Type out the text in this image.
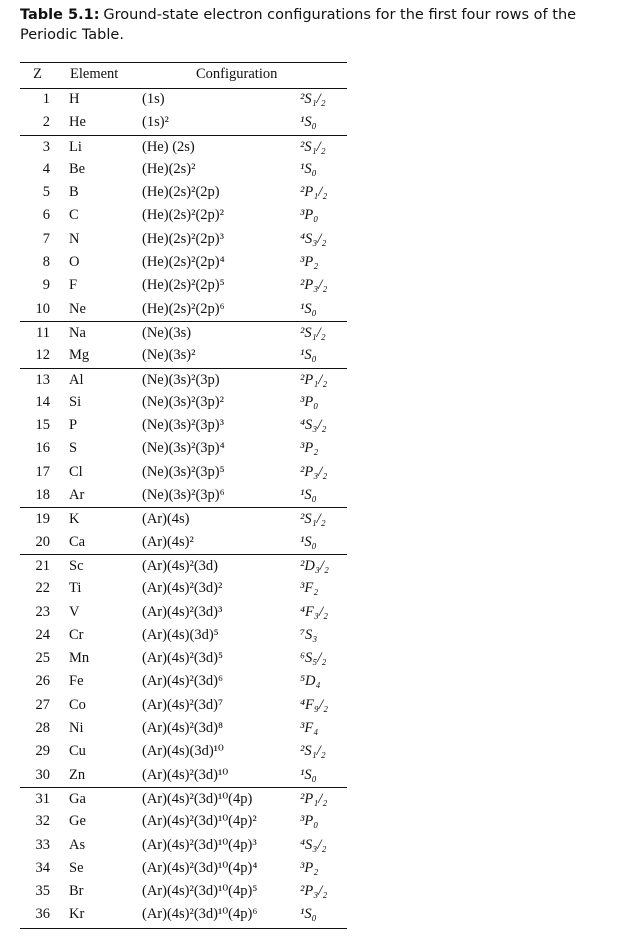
Table 5.1: Ground-state electron configurations for the first four rows of the Periodic Table.
Z Element	Configuration
1 H	(1s)	²S₁/₂
2 He	(1s)²	¹S₀
3 Li	(He) (2s)	²S₁/₂
4 Be	(He)(2s)²	¹S₀
5 B	(He)(2s)²(2p)	²P₁/₂
6 C	(He)(2s)²(2p)²	³P₀
7 N	(He)(2s)²(2p)³	⁴S₃/₂
8 O	(He)(2s)²(2p)⁴	³P₂
9 F	(He)(2s)²(2p)⁵	²P₃/₂
10 Ne	(He)(2s)²(2p)⁶	¹S₀
11 Na	(Ne)(3s)	²S₁/₂
12 Mg	(Ne)(3s)²	¹S₀
13 Al	(Ne)(3s)²(3p)	²P₁/₂
14 Si	(Ne)(3s)²(3p)²	³P₀
15 P	(Ne)(3s)²(3p)³	⁴S₃/₂
16 S	(Ne)(3s)²(3p)⁴	³P₂
17 Cl	(Ne)(3s)²(3p)⁵	²P₃/₂
18 Ar	(Ne)(3s)²(3p)⁶	¹S₀
19 K	(Ar)(4s)	²S₁/₂
20 Ca	(Ar)(4s)²	¹S₀
21 Sc	(Ar)(4s)²(3d)	²D₃/₂
22 Ti	(Ar)(4s)²(3d)²	³F₂
23 V	(Ar)(4s)²(3d)³	⁴F₃/₂
24 Cr	(Ar)(4s)(3d)⁵	⁷S₃
25 Mn	(Ar)(4s)²(3d)⁵	⁶S₅/₂
26 Fe	(Ar)(4s)²(3d)⁶	⁵D₄
27 Co	(Ar)(4s)²(3d)⁷	⁴F₉/₂
28 Ni	(Ar)(4s)²(3d)⁸	³F₄
29 Cu	(Ar)(4s)(3d)¹⁰	²S₁/₂
30 Zn	(Ar)(4s)²(3d)¹⁰	¹S₀
31 Ga	(Ar)(4s)²(3d)¹⁰(4p)	²P₁/₂
32 Ge	(Ar)(4s)²(3d)¹⁰(4p)²	³P₀
33 As	(Ar)(4s)²(3d)¹⁰(4p)³	⁴S₃/₂
34 Se	(Ar)(4s)²(3d)¹⁰(4p)⁴	³P₂
35 Br	(Ar)(4s)²(3d)¹⁰(4p)⁵	²P₃/₂
36 Kr	(Ar)(4s)²(3d)¹⁰(4p)⁶	¹S₀
